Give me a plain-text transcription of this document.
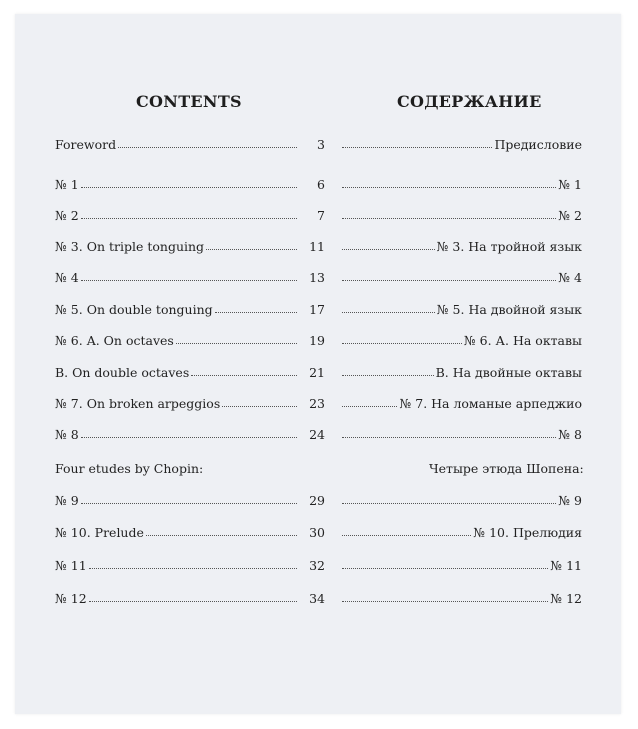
CONTENTS	СОДЕРЖАНИЕ
Foreword	3	Предисловие
№ 1	6	№ 1
№ 2	7	№ 2
№ 3. On triple tonguing	11	№ 3. На тройной язык
№ 4	13	№ 4
№ 5. On double tonguing	17	№ 5. На двойной язык
№ 6. A. On octaves	19	№ 6. А. На октавы
B. On double octaves	21	В. На двойные октавы
№ 7. On broken arpeggios	23	№ 7. На ломаные арпеджио
№ 8	24	№ 8
Four etudes by Chopin:	Четыре этюда Шопена:
№ 9	29	№ 9
№ 10. Prelude	30	№ 10. Прелюдия
№ 11	32	№ 11
№ 12	34	№ 12
